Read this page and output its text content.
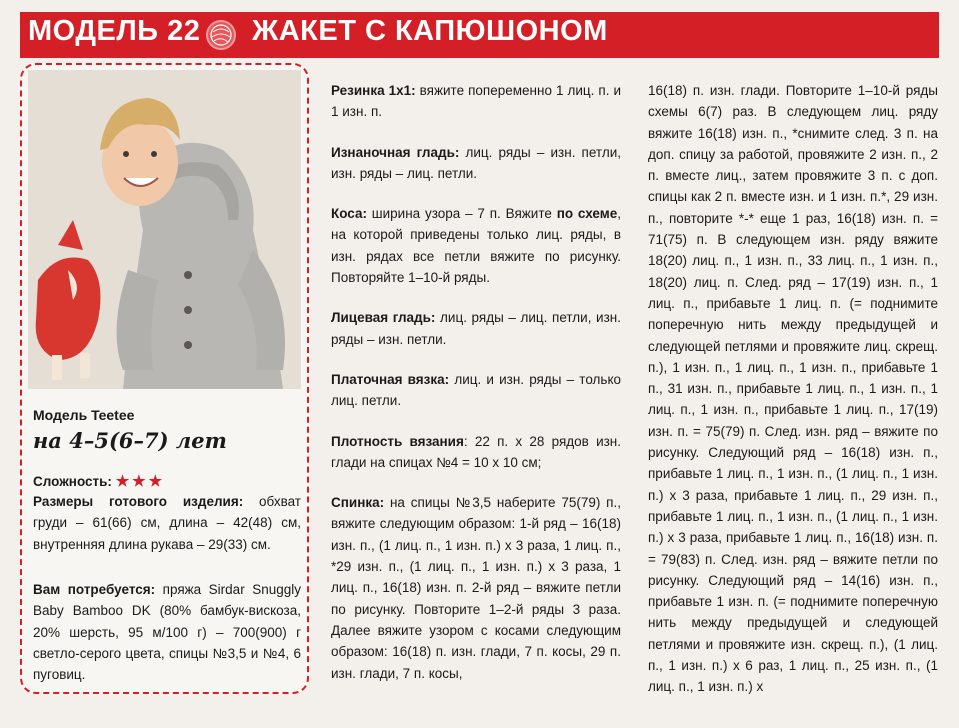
МОДЕЛЬ 22 ЖАКЕТ С КАПЮШОНОМ
Модель Teetee
на 4–5(6–7) лет
Сложность: ★★★

Размеры готового изделия: обхват груди – 61(66) см, длина – 42(48) см, внутренняя длина рукава – 29(33) см.

Вам потребуется: пряжа Sirdar Snuggly Baby Bamboo DK (80% бамбук-вискоза, 20% шерсть, 95 м/100 г) – 700(900) г светло-серого цвета, спицы №3,5 и №4, 6 пуговиц.

Резинка 1х1: вяжите попеременно 1 лиц. п. и 1 изн. п.

Изнаночная гладь: лиц. ряды – изн. петли, изн. ряды – лиц. петли.

Коса: ширина узора – 7 п. Вяжите по схеме, на которой приведены только лиц. ряды, в изн. рядах все петли вяжите по рисунку. Повторяйте 1–10-й ряды.

Лицевая гладь: лиц. ряды – лиц. петли, изн. ряды – изн. петли.

Платочная вязка: лиц. и изн. ряды – только лиц. петли.

Плотность вязания: 22 п. х 28 рядов изн. глади на спицах №4 = 10 х 10 см;

Спинка: на спицы №3,5 наберите 75(79) п., вяжите следующим образом: 1-й ряд – 16(18) изн. п., (1 лиц. п., 1 изн. п.) х 3 раза, 1 лиц. п., *29 изн. п., (1 лиц. п., 1 изн. п.) х 3 раза, 1 лиц. п., 16(18) изн. п. 2-й ряд – вяжите петли по рисунку. Повторите 1–2-й ряды 3 раза. Далее вяжите узором с косами следующим образом: 16(18) п. изн. глади, 7 п. косы, 29 п. изн. глади, 7 п. косы,

16(18) п. изн. глади. Повторите 1–10-й ряды схемы 6(7) раз. В следующем лиц. ряду вяжите 16(18) изн. п., *снимите след. 3 п. на доп. спицу за работой, провяжите 2 изн. п., 2 п. вместе лиц., затем провяжите 3 п. с доп. спицы как 2 п. вместе изн. и 1 изн. п.*, 29 изн. п., повторите *-* еще 1 раз, 16(18) изн. п. = 71(75) п. В следующем изн. ряду вяжите 18(20) лиц. п., 1 изн. п., 33 лиц. п., 1 изн. п., 18(20) лиц. п. След. ряд – 17(19) изн. п., 1 лиц. п., прибавьте 1 лиц. п. (= поднимите поперечную нить между предыдущей и следующей петлями и провяжите лиц. скрещ. п.), 1 изн. п., 1 лиц. п., 1 изн. п., прибавьте 1 п., 31 изн. п., прибавьте 1 лиц. п., 1 изн. п., 1 лиц. п., 1 изн. п., прибавьте 1 лиц. п., 17(19) изн. п. = 75(79) п. След. изн. ряд – вяжите по рисунку. Следующий ряд – 16(18) изн. п., прибавьте 1 лиц. п., 1 изн. п., (1 лиц. п., 1 изн. п.) х 3 раза, прибавьте 1 лиц. п., 29 изн. п., прибавьте 1 лиц. п., 1 изн. п., (1 лиц. п., 1 изн. п.) х 3 раза, прибавьте 1 лиц. п., 16(18) изн. п. = 79(83) п. След. изн. ряд – вяжите петли по рисунку. Следующий ряд – 14(16) изн. п., прибавьте 1 изн. п. (= поднимите поперечную нить между предыдущей и следующей петлями и провяжите изн. скрещ. п.), (1 лиц. п., 1 изн. п.) х 6 раз, 1 лиц. п., 25 изн. п., (1 лиц. п., 1 изн. п.) х
